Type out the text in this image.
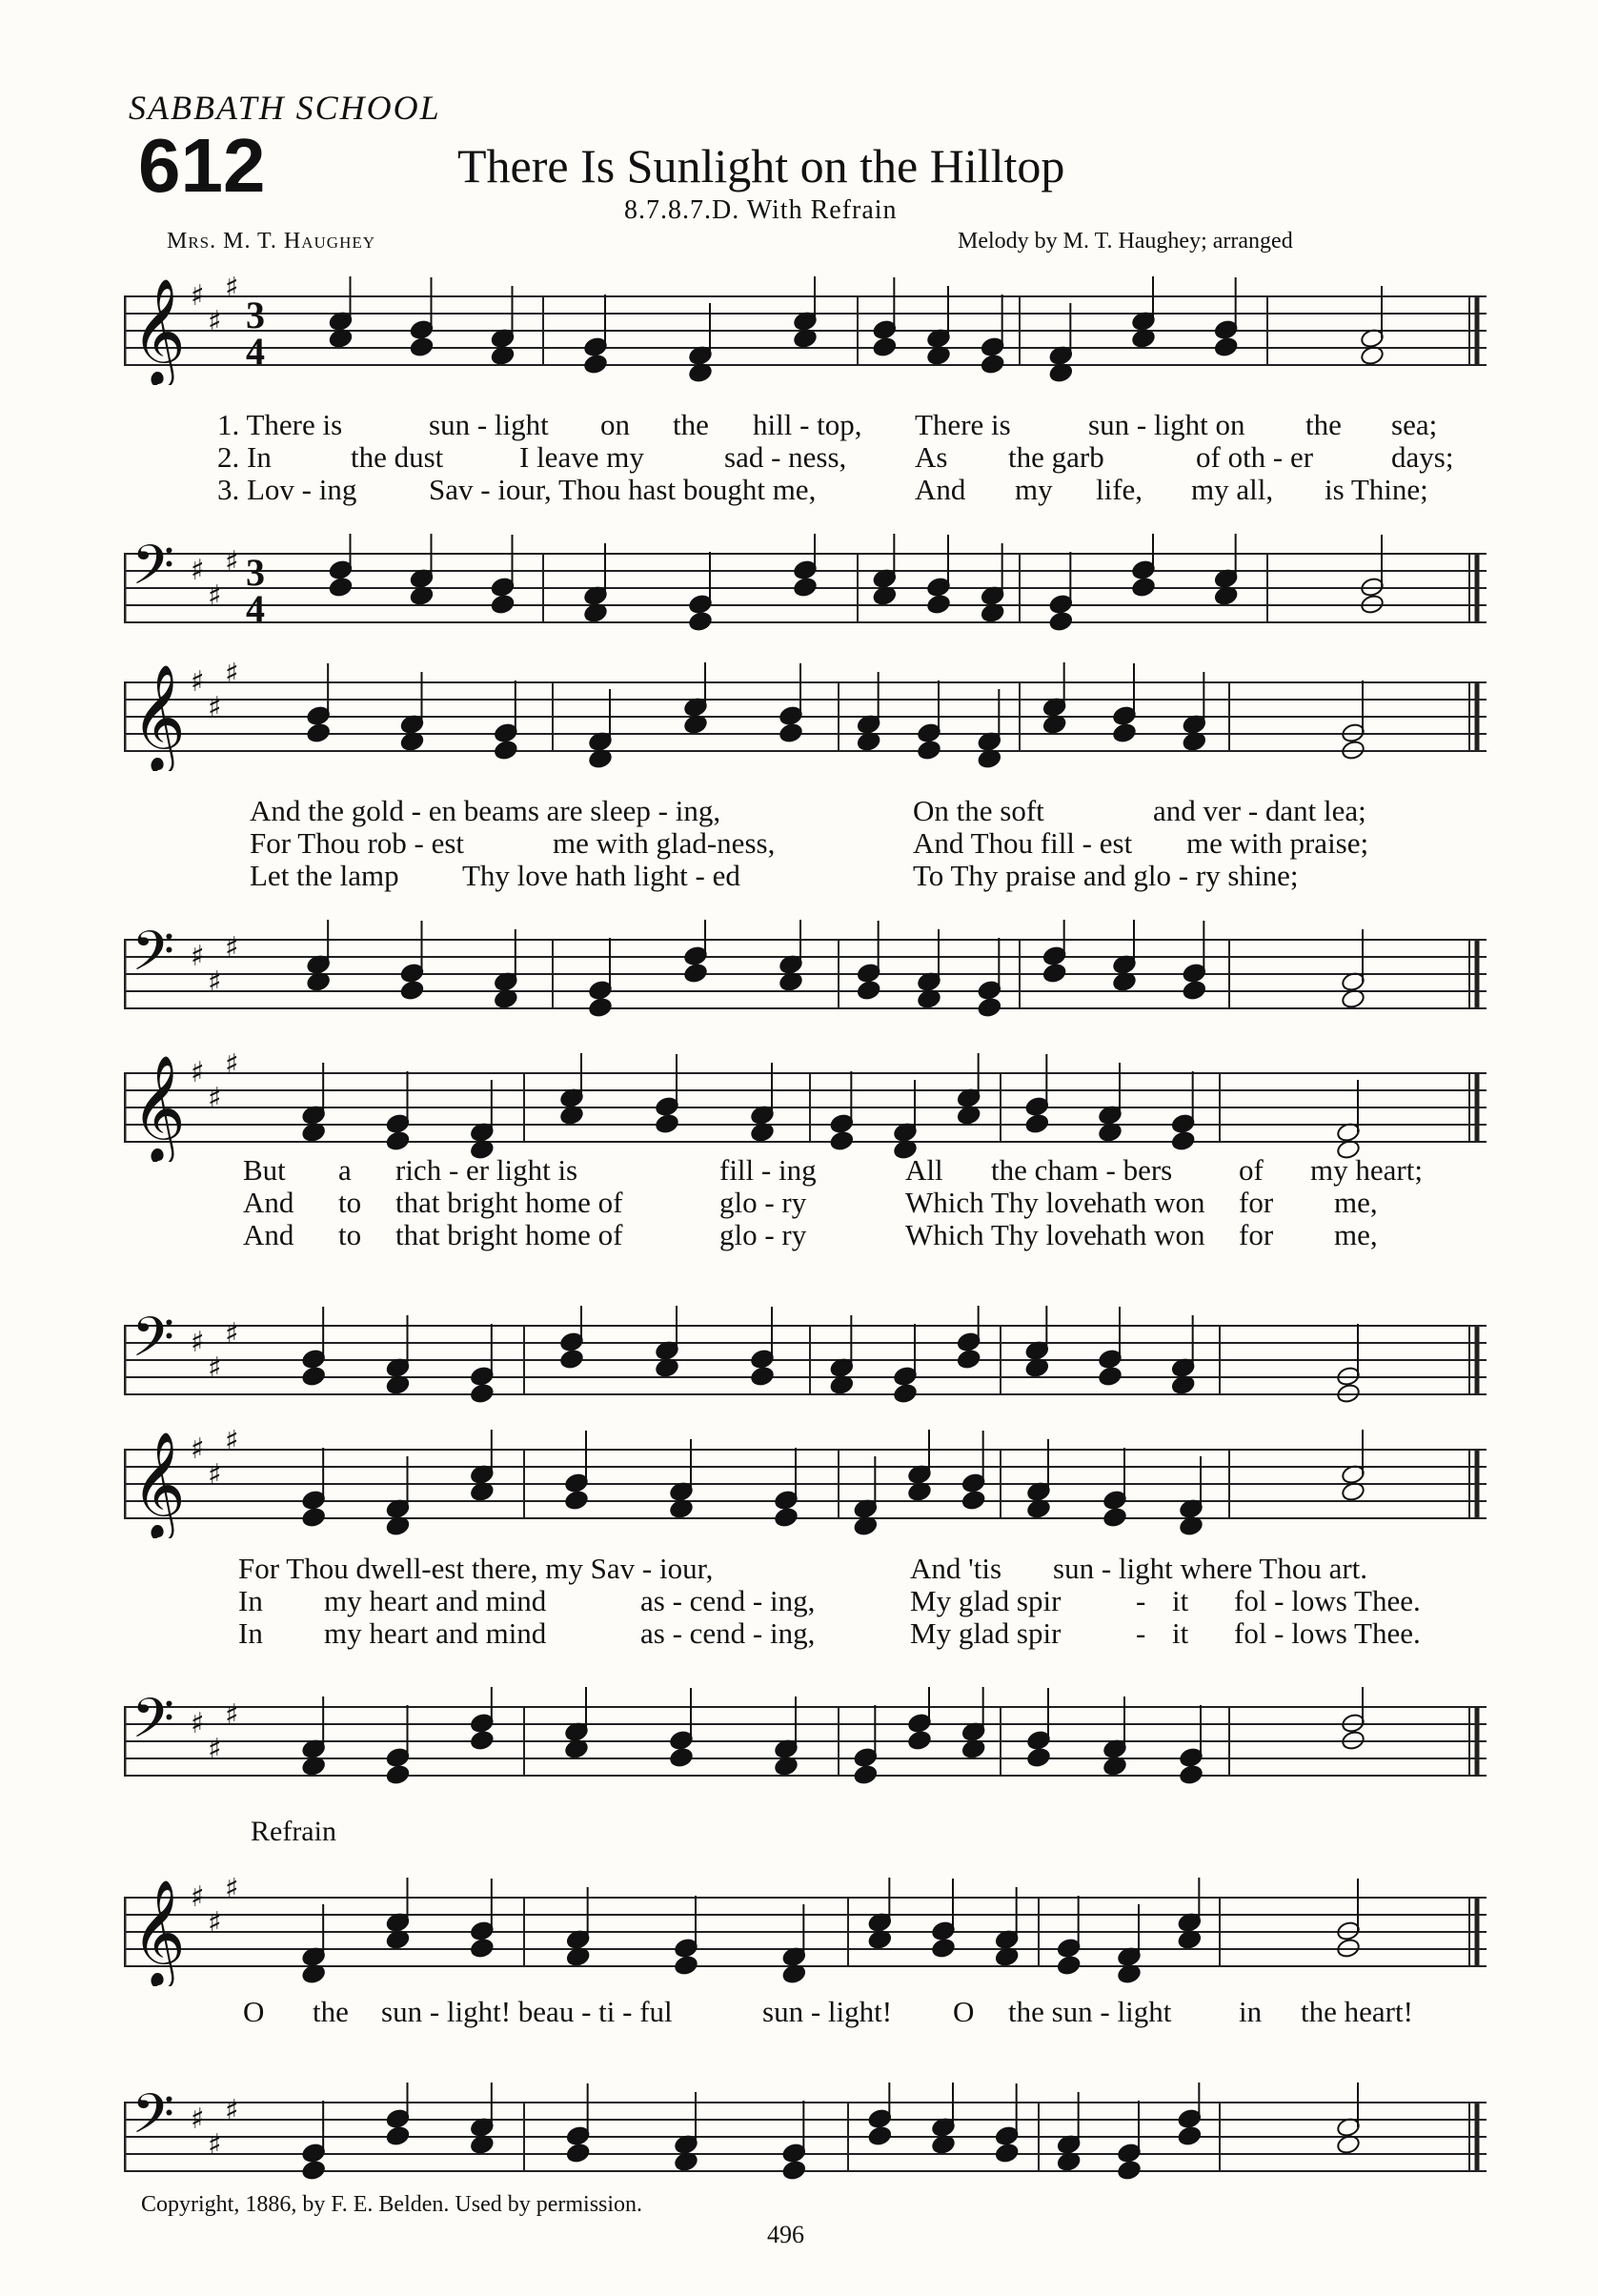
SABBATH SCHOOL
612	There Is Sunlight on the Hilltop
8.7.8.7.D. With Refrain
Mrs. M. T. Haughey	Melody by M. T. Haughey; arranged
𝄞 ♯
♯
♯
3
4
𝄢 ♯
♯
♯ 3
4
𝄞 ♯
♯
♯
𝄢 ♯
♯
♯
𝄞 ♯
♯
♯
𝄢 ♯
♯
♯
𝄞 ♯
♯
♯
𝄢 ♯
♯
♯
𝄞 ♯
♯
♯
𝄢 ♯
♯
♯
1. There is	sun - light on the hill - top, There is	sun - light on the sea;
2. In	the dust	I leave my	sad - ness, As the garb	of oth - er	days;
3. Lov - ing Sav - iour, Thou hast bought me,	And my life, my all, is Thine;
And the gold - en beams are sleep - ing,	On the soft	and ver - dant lea;
For Thou rob - est	me with glad-ness,	And Thou fill - est me with praise;
Let the lamp Thy love hath light - ed	To Thy praise and glo - ry shine;
But a rich - er light is	fill - ing	All the cham - bers of my heart;
And to that bright home of	glo - ry	Which Thy love hath won for me,
And to that bright home of	glo - ry	Which Thy love hath won for me,
For Thou dwell-est there, my Sav - iour,	And 'tis sun - light where Thou art.
In my heart and mind	as - cend - ing,	My glad spir	- it fol - lows Thee.
In my heart and mind	as - cend - ing,	My glad spir	- it fol - lows Thee.
Refrain
O the sun - light! beau - ti - ful	sun - light! O the sun - light in the heart!
Copyright, 1886, by F. E. Belden. Used by permission.
496
